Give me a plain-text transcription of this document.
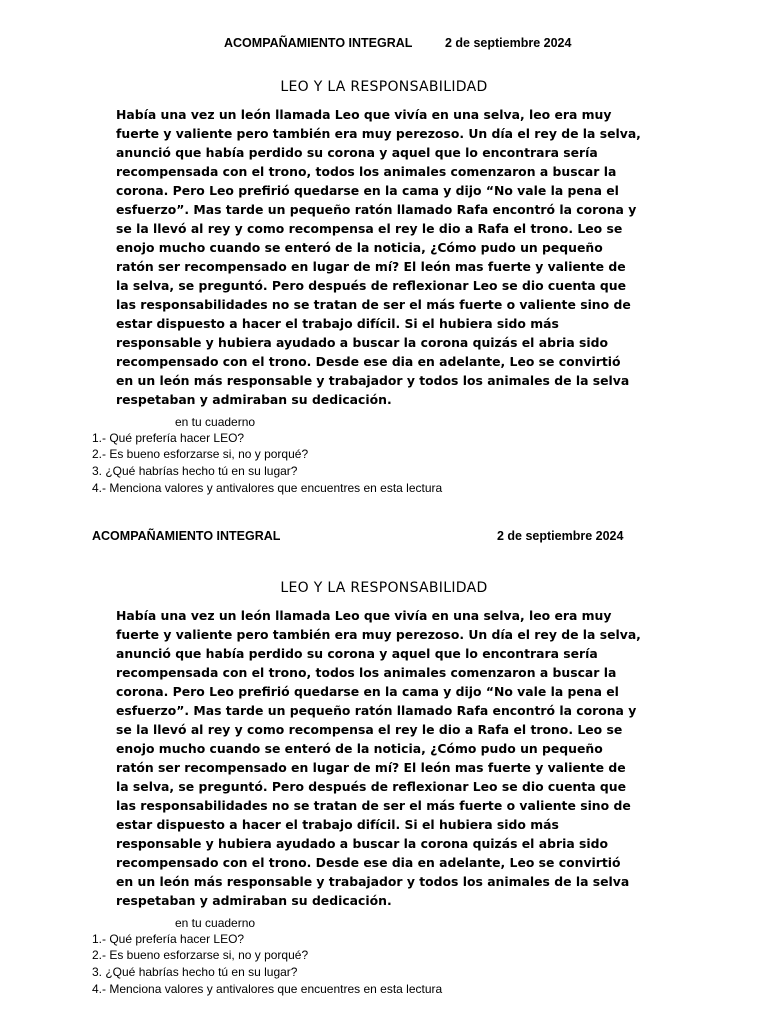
ACOMPAÑAMIENTO INTEGRAL	2 de septiembre 2024
LEO Y LA RESPONSABILIDAD
Había una vez un león llamada Leo que vivía en una selva, leo era muy
fuerte y valiente pero también era muy perezoso. Un día el rey de la selva,
anunció que había perdido su corona y aquel que lo encontrara sería
recompensada con el trono, todos los animales comenzaron a buscar la
corona. Pero Leo prefirió quedarse en la cama y dijo “No vale la pena el
esfuerzo”. Mas tarde un pequeño ratón llamado Rafa encontró la corona y
se la llevó al rey y como recompensa el rey le dio a Rafa el trono. Leo se
enojo mucho cuando se enteró de la noticia, ¿Cómo pudo un pequeño
ratón ser recompensado en lugar de mí? El león mas fuerte y valiente de
la selva, se preguntó. Pero después de reflexionar Leo se dio cuenta que
las responsabilidades no se tratan de ser el más fuerte o valiente sino de
estar dispuesto a hacer el trabajo difícil. Si el hubiera sido más
responsable y hubiera ayudado a buscar la corona quizás el abria sido
recompensado con el trono. Desde ese dia en adelante, Leo se convirtió
en un león más responsable y trabajador y todos los animales de la selva
respetaban y admiraban su dedicación.
en tu cuaderno
1.- Qué prefería hacer LEO?
2.- Es bueno esforzarse si, no y porqué?
3. ¿Qué habrías hecho tú en su lugar?
4.- Menciona valores y antivalores que encuentres en esta lectura
ACOMPAÑAMIENTO INTEGRAL	2 de septiembre 2024
LEO Y LA RESPONSABILIDAD
Había una vez un león llamada Leo que vivía en una selva, leo era muy
fuerte y valiente pero también era muy perezoso. Un día el rey de la selva,
anunció que había perdido su corona y aquel que lo encontrara sería
recompensada con el trono, todos los animales comenzaron a buscar la
corona. Pero Leo prefirió quedarse en la cama y dijo “No vale la pena el
esfuerzo”. Mas tarde un pequeño ratón llamado Rafa encontró la corona y
se la llevó al rey y como recompensa el rey le dio a Rafa el trono. Leo se
enojo mucho cuando se enteró de la noticia, ¿Cómo pudo un pequeño
ratón ser recompensado en lugar de mí? El león mas fuerte y valiente de
la selva, se preguntó. Pero después de reflexionar Leo se dio cuenta que
las responsabilidades no se tratan de ser el más fuerte o valiente sino de
estar dispuesto a hacer el trabajo difícil. Si el hubiera sido más
responsable y hubiera ayudado a buscar la corona quizás el abria sido
recompensado con el trono. Desde ese dia en adelante, Leo se convirtió
en un león más responsable y trabajador y todos los animales de la selva
respetaban y admiraban su dedicación.
en tu cuaderno
1.- Qué prefería hacer LEO?
2.- Es bueno esforzarse si, no y porqué?
3. ¿Qué habrías hecho tú en su lugar?
4.- Menciona valores y antivalores que encuentres en esta lectura
